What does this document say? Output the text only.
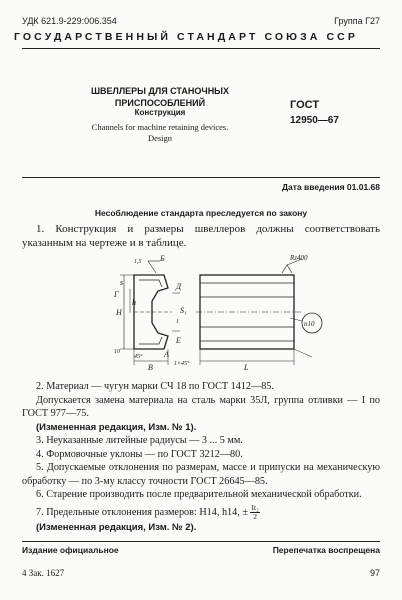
УДК 621.9-229:006.354	Группа Г27
ГОСУДАРСТВЕННЫЙ СТАНДАРТ СОЮЗА ССР
ШВЕЛЛЕРЫ ДЛЯ СТАНОЧНЫХ
ПРИСПОСОБЛЕНИЙ
Конструкция
Channels for machine retaining devices.
Design
ГОСТ
12950—67
Дата введения 01.01.68
Несоблюдение стандарта преследуется по закону
1. Конструкция и размеры швеллеров должны соответствовать указанным на чертеже и в таблице.
Б
Г
Д
Е
А
H
h
s
S₁
B	L
1,5
10
45°
1
1×45°
Rz400
n10

2. Материал — чугун марки СЧ 18 по ГОСТ 1412—85.

Допускается замена материала на сталь марки 35Л, группа отливки — I по ГОСТ 977—75.

(Измененная редакция, Изм. № 1).

3. Неуказанные литейные радиусы — 3 ... 5 мм.

4. Формовочные уклоны — по ГОСТ 3212—80.

5. Допускаемые отклонения по размерам, массе и припуски на механическую обработку — по 3-му классу точности ГОСТ 26645—85.

6. Старение производить после предварительной механической обработки.

7. Предельные отклонения размеров: H14, h14, ± $\frac{\text{It₂}}{2}$

(Измененная редакция, Изм. № 2).

Издание официальное	Перепечатка воспрещена
4 Зак. 1627	97
